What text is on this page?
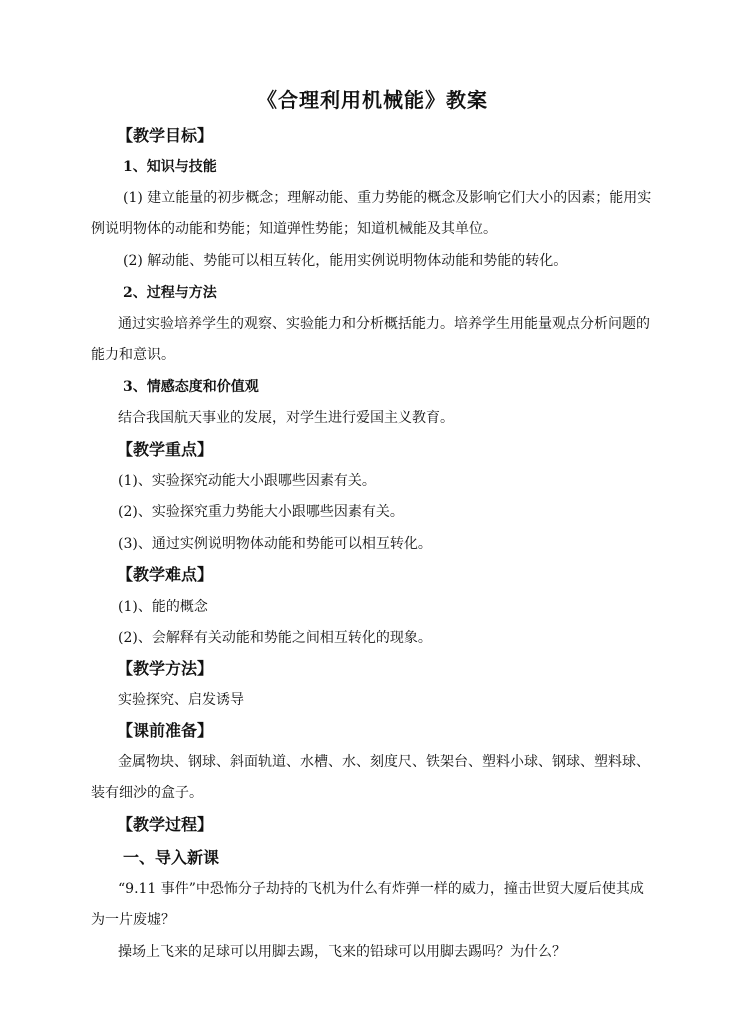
《合理利用机械能》教案
【教学目标】
1、知识与技能
(1) 建立能量的初步概念；理解动能、重力势能的概念及影响它们大小的因素；能用实
例说明物体的动能和势能；知道弹性势能；知道机械能及其单位。
(2) 解动能、势能可以相互转化，能用实例说明物体动能和势能的转化。
2、过程与方法
通过实验培养学生的观察、实验能力和分析概括能力。培养学生用能量观点分析问题的
能力和意识。
3、情感态度和价值观
结合我国航天事业的发展，对学生进行爱国主义教育。
【教学重点】
(1)、实验探究动能大小跟哪些因素有关。
(2)、实验探究重力势能大小跟哪些因素有关。
(3)、通过实例说明物体动能和势能可以相互转化。
【教学难点】
(1)、能的概念
(2)、会解释有关动能和势能之间相互转化的现象。
【教学方法】
实验探究、启发诱导
【课前准备】
金属物块、钢球、斜面轨道、水槽、水、刻度尺、铁架台、塑料小球、钢球、塑料球、
装有细沙的盒子。
【教学过程】
一、导入新课
“9.11 事件”中恐怖分子劫持的飞机为什么有炸弹一样的威力，撞击世贸大厦后使其成
为一片废墟？
操场上飞来的足球可以用脚去踢，飞来的铅球可以用脚去踢吗？为什么？
